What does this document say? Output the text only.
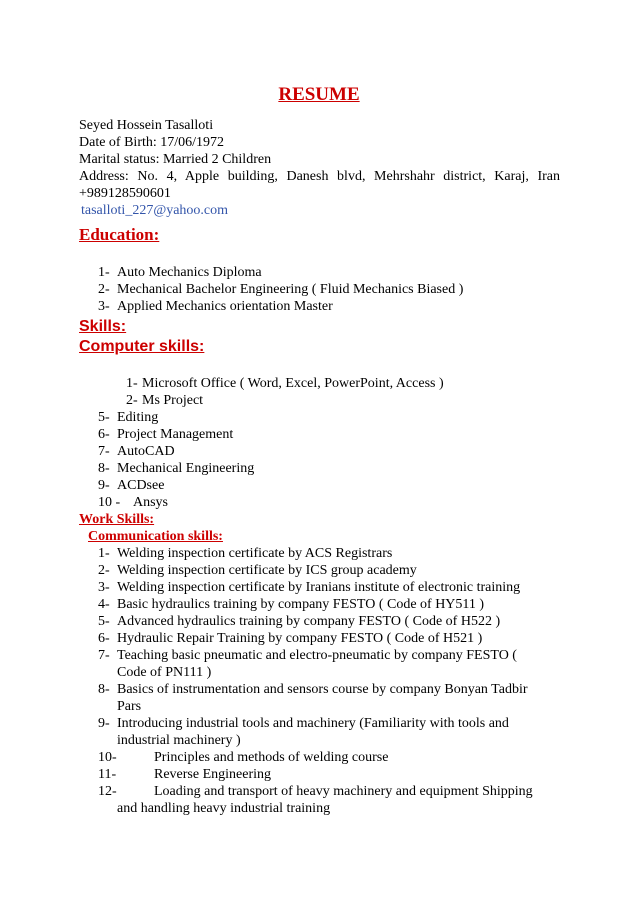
RESUME
Seyed Hossein Tasalloti
Date of Birth: 17/06/1972
Marital status: Married 2 Children
Address: No. 4, Apple building, Danesh blvd, Mehrshahr district, Karaj, Iran
+989128590601
tasalloti_227@yahoo.com
Education:
1- Auto Mechanics Diploma
2- Mechanical Bachelor Engineering ( Fluid Mechanics Biased )
3- Applied Mechanics orientation Master
Skills:
Computer skills:
1- Microsoft Office ( Word, Excel, PowerPoint, Access )
2- Ms Project
5- Editing
6- Project Management
7- AutoCAD
8- Mechanical Engineering
9- ACDsee
10 - Ansys
Work Skills:
Communication skills:
1- Welding inspection certificate by ACS Registrars
2- Welding inspection certificate by ICS group academy
3- Welding inspection certificate by Iranians institute of electronic training
4- Basic hydraulics training by company FESTO ( Code of HY511 )
5- Advanced hydraulics training by company FESTO ( Code of H522 )
6- Hydraulic Repair Training by company FESTO ( Code of H521 )
7- Teaching basic pneumatic and electro-pneumatic by company FESTO (
Code of PN111 )
8- Basics of instrumentation and sensors course by company Bonyan Tadbir
Pars
9- Introducing industrial tools and machinery (Familiarity with tools and
industrial machinery )
10-	Principles and methods of welding course
11-	Reverse Engineering
12-	Loading and transport of heavy machinery and equipment Shipping
and handling heavy industrial training
